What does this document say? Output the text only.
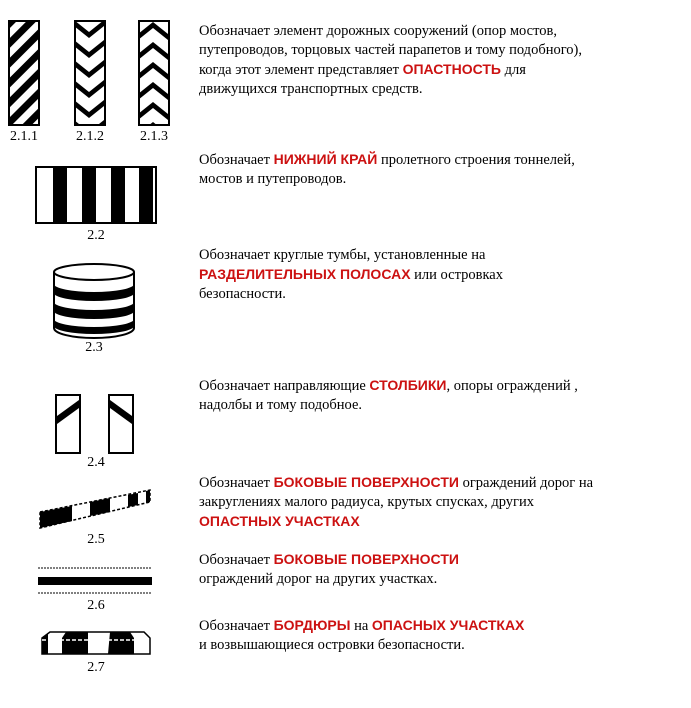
2.1.1	2.1.2	2.1.3
Обозначает элемент дорожных сооружений (опор мостов, путепроводов, торцовых частей парапетов и тому подобного), когда этот элемент представляет ОПАСТНОСТЬ для движущихся транспортных средств.
2.2
Обозначает НИЖНИЙ КРАЙ пролетного строения тоннелей, мостов и путепроводов.
2.3
Обозначает круглые тумбы, установленные на РАЗДЕЛИТЕЛЬНЫХ ПОЛОСАХ или островках безопасности.
2.4
Обозначает направляющие СТОЛБИКИ, опоры ограждений , надолбы и тому подобное.
2.5
Обозначает БОКОВЫЕ ПОВЕРХНОСТИ ограждений дорог на закруглениях малого радиуса, крутых спусках, других ОПАСТНЫХ УЧАСТКАХ
2.6
Обозначает БОКОВЫЕ ПОВЕРХНОСТИ
ограждений дорог на других участках.
2.7
Обозначает БОРДЮРЫ на ОПАСНЫХ УЧАСТКАХ и возвышающиеся островки безопасности.
